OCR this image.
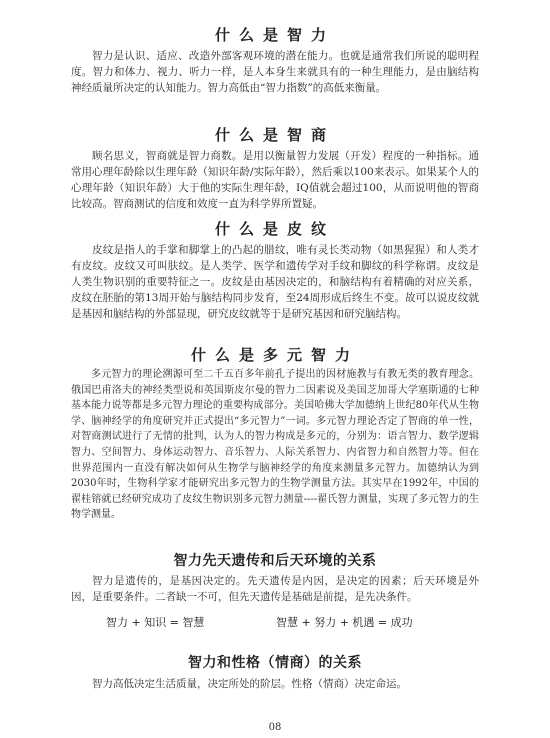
什么是智力

智力是认识、适应、改造外部客观环境的潜在能力。也就是通常我们所说的聪明程度。智力和体力、视力、听力一样，是人本身生来就具有的一种生理能力，是由脑结构神经质量所决定的认知能力。智力高低由“智力指数”的高低来衡量。

什么是智商

顾名思义，智商就是智力商数。是用以衡量智力发展（开发）程度的一种指标。通常用心理年龄除以生理年龄（知识年龄/实际年龄），然后乘以100来表示。如果某个人的心理年龄（知识年龄）大于他的实际生理年龄，IQ值就会超过100，从而说明他的智商比较高。智商测试的信度和效度一直为科学界所置疑。

什么是皮纹

皮纹是指人的手掌和脚掌上的凸起的腊纹，唯有灵长类动物（如黑猩猩）和人类才有皮纹。皮纹又可叫肤纹。是人类学、医学和遗传学对手纹和脚纹的科学称谓。皮纹是人类生物识别的重要特征之一。皮纹是由基因决定的，和脑结构有着精确的对应关系，皮纹在胚胎的第13周开始与脑结构同步发育，至24周形成后终生不变。故可以说皮纹就是基因和脑结构的外部显现，研究皮纹就等于是研究基因和研究脑结构。

什么是多元智力

多元智力的理论溯源可至二千五百多年前孔子提出的因材施教与有教无类的教育理念。俄国巴甫洛夫的神经类型说和英国斯皮尔曼的智力二因素说及美国芝加哥大学塞斯通的七种基本能力说等都是多元智力理论的重要构成部分。美国哈佛大学加德纳上世纪80年代从生物学、脑神经学的角度研究并正式提出“多元智力”一词。多元智力理论否定了智商的单一性，对智商测试进行了无情的批判，认为人的智力构成是多元的，分别为：语言智力、数学逻辑智力、空间智力、身体运动智力、音乐智力、人际关系智力、内省智力和自然智力等。但在世界范围内一直没有解决如何从生物学与脑神经学的角度来测量多元智力。加德纳认为到2030年时，生物科学家才能研究出多元智力的生物学测量方法。其实早在1992年，中国的翟桂镕就已经研究成功了皮纹生物识别多元智力测量----翟氏智力测量，实现了多元智力的生物学测量。

智力先天遗传和后天环境的关系

智力是遗传的，是基因决定的。先天遗传是内因，是决定的因素；后天环境是外因，是重要条件。二者缺一不可，但先天遗传是基础是前提，是先决条件。

智力 + 知识 = 智慧	智慧 + 努力 + 机遇 = 成功
智力和性格（情商）的关系

智力高低决定生活质量，决定所处的阶层。性格（情商）决定命运。

08
